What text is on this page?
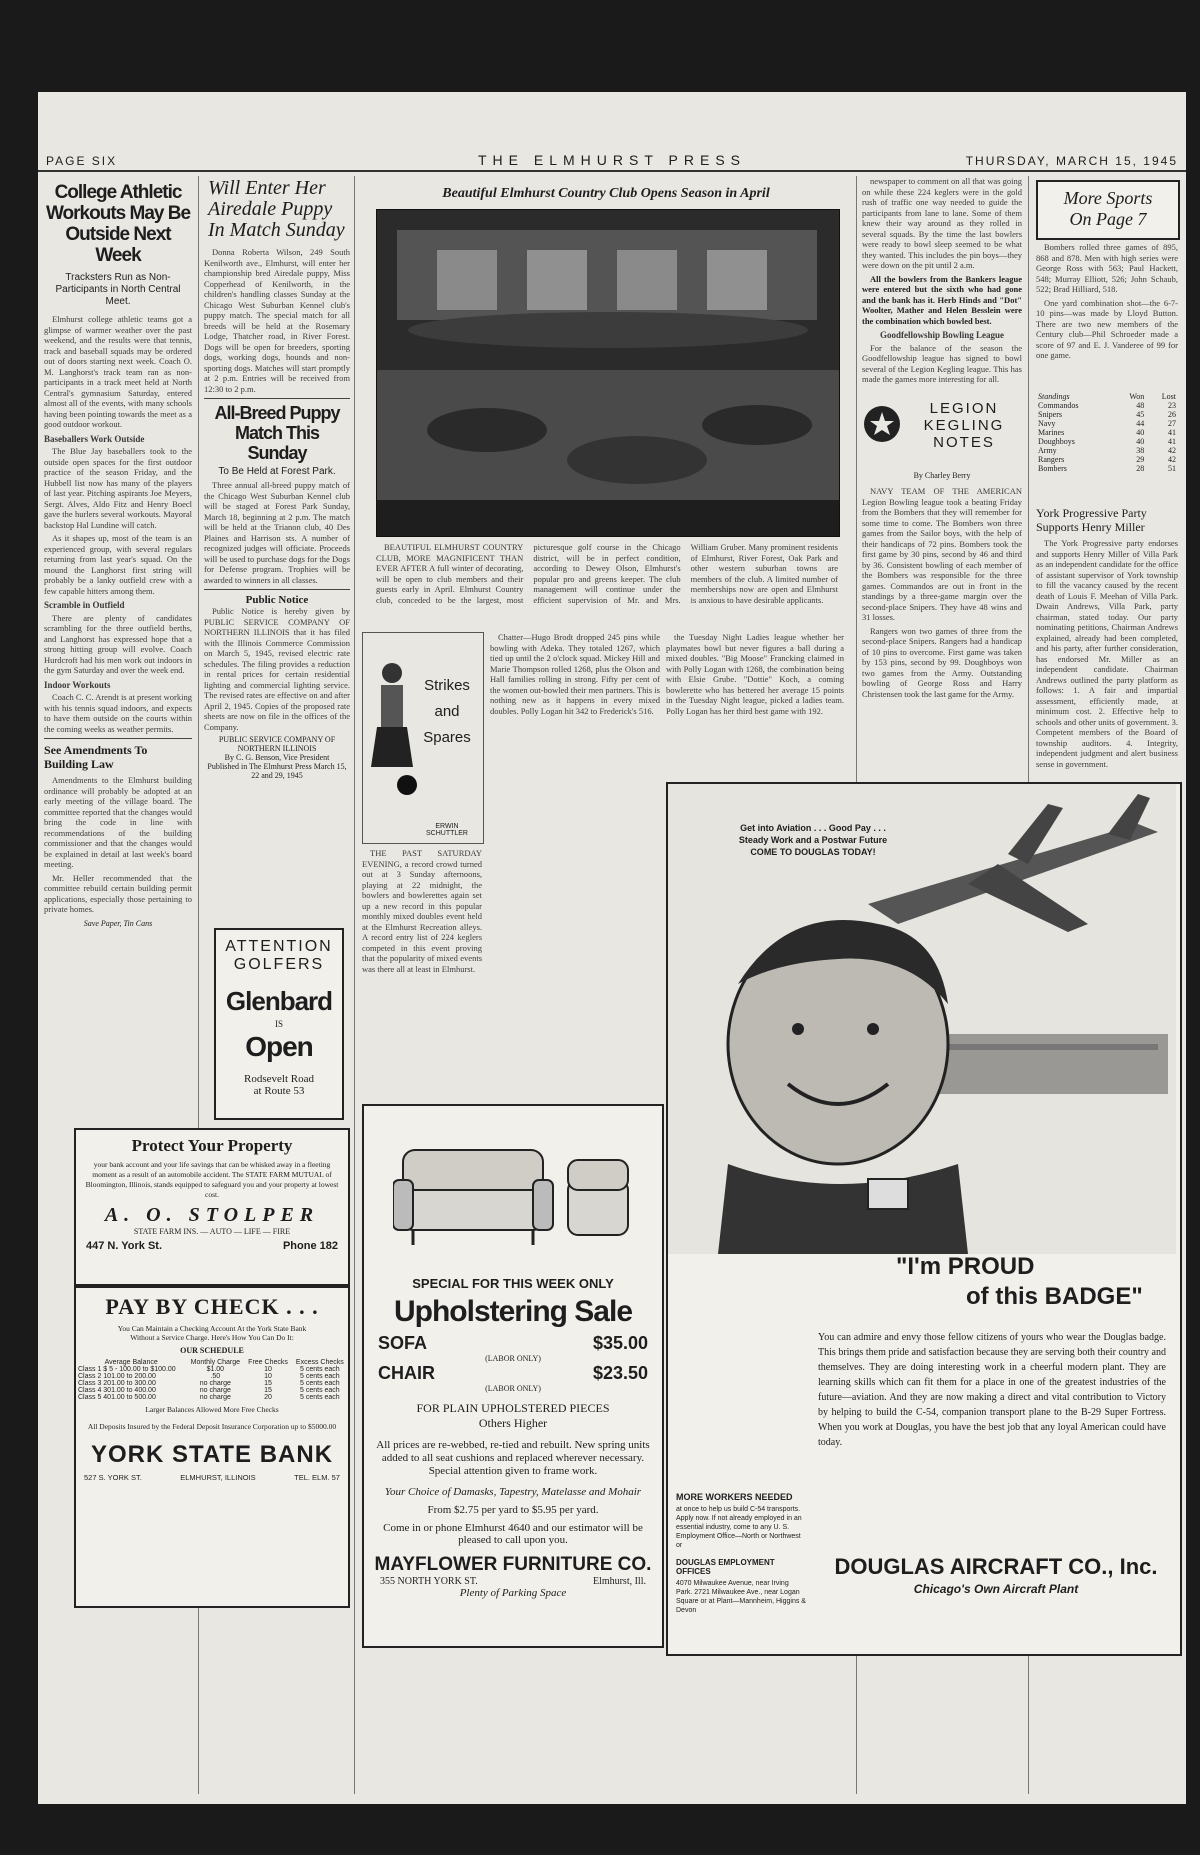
PAGE SIX	THE ELMHURST PRESS	THURSDAY, MARCH 15, 1945
College Athletic Workouts May Be Outside Next Week
Tracksters Run as Non-Participants in North Central Meet.

Elmhurst college athletic teams got a glimpse of warmer weather over the past weekend, and the results were that tennis, track and baseball squads may be ordered out of doors starting next week. Coach O. M. Langhorst's track team ran as non-participants in a track meet held at North Central's gymnasium Saturday, entered almost all of the events, with many schools having been pointing towards the meet as a good outdoor workout.

Baseballers Work Outside

The Blue Jay baseballers took to the outside open spaces for the first outdoor practice of the season Friday, and the Hubbell list now has many of the players of last year. Pitching aspirants Joe Meyers, Sergt. Alves, Aldo Fitz and Henry Boecl gave the hurlers several workouts. Mayoral backstop Hal Lundine will catch.

As it shapes up, most of the team is an experienced group, with several regulars returning from last year's squad. On the mound the Langhorst first string will probably be a lanky outfield crew with a few capable hitters among them.

Scramble in Outfield

There are plenty of candidates scrambling for the three outfield berths, and Langhorst has expressed hope that a strong hitting group will evolve. Coach Hurdcroft had his men work out indoors in the gym Saturday and over the week end.

Indoor Workouts

Coach C. C. Arendt is at present working with his tennis squad indoors, and expects to have them outside on the courts within the coming weeks as weather permits.

See Amendments To Building Law

Amendments to the Elmhurst building ordinance will probably be adopted at an early meeting of the village board. The committee reported that the changes would bring the code in line with recommendations of the building commissioner and that the changes would be explained in detail at last week's board meeting.

Mr. Heller recommended that the committee rebuild certain building permit applications, especially those pertaining to private homes.

Save Paper, Tin Cans
Will Enter Her Airedale Puppy In Match Sunday

Donna Roberta Wilson, 249 South Kenilworth ave., Elmhurst, will enter her championship bred Airedale puppy, Miss Copperhead of Kenilworth, in the children's handling classes Sunday at the Chicago West Suburban Kennel club's puppy match. The special match for all breeds will be held at the Rosemary Lodge, Thatcher road, in River Forest. Dogs will be open for breeders, sporting dogs, working dogs, hounds and non-sporting dogs. Matches will start promptly at 2 p.m. Entries will be received from 12:30 to 2 p.m.

All-Breed Puppy Match This Sunday
To Be Held at Forest Park.

Three annual all-breed puppy match of the Chicago West Suburban Kennel club will be staged at Forest Park Sunday, March 18, beginning at 2 p.m. The match will be held at the Trianon club, 40 Des Plaines and Harrison sts. A number of recognized judges will officiate. Proceeds will be used to purchase dogs for the Dogs for Defense program. Trophies will be awarded to winners in all classes.

Public Notice

Public Notice is hereby given by PUBLIC SERVICE COMPANY OF NORTHERN ILLINOIS that it has filed with the Illinois Commerce Commission on March 5, 1945, revised electric rate schedules. The filing provides a reduction in rental prices for certain residential lighting and commercial lighting service. The revised rates are effective on and after April 2, 1945. Copies of the proposed rate sheets are now on file in the offices of the Company.

PUBLIC SERVICE COMPANY OF NORTHERN ILLINOIS
By C. G. Benson, Vice President
Published in The Elmhurst Press March 15, 22 and 29, 1945
ATTENTION
GOLFERS
Glenbard
IS
Open
Rodsevelt Road
at Route 53
Beautiful Elmhurst Country Club Opens Season in April

BEAUTIFUL ELMHURST COUNTRY CLUB, MORE MAGNIFICENT THAN EVER AFTER A full winter of decorating, will be open to club members and their guests early in April. Elmhurst Country club, conceded to be the largest, most picturesque golf course in the Chicago district, will be in perfect condition, according to Dewey Olson, Elmhurst's popular pro and greens keeper. The club management will continue under the efficient supervision of Mr. and Mrs. William Gruber. Many prominent residents of Elmhurst, River Forest, Oak Park and other western suburban towns are members of the club. A limited number of memberships now are open and Elmhurst is anxious to have desirable applicants.

Strikes
and
Spares
ERWIN SCHUTTLER

THE PAST SATURDAY EVENING, a record crowd turned out at 3 Sunday afternoons, playing at 22 midnight, the bowlers and bowlerettes again set up a new record in this popular monthly mixed doubles event held at the Elmhurst Recreation alleys. A record entry list of 224 keglers competed in this event proving that the popularity of mixed events was there all at least in Elmhurst.

Chatter—Hugo Brodt dropped 245 pins while bowling with Adeka. They totaled 1267, which tied up until the 2 o'clock squad. Mickey Hill and Marie Thompson rolled 1268, plus the Olson and Hall families rolling in strong. Fifty per cent of the women out-bowled their men partners. This is nothing new as it happens in every mixed doubles. Polly Logan hit 342 to Frederick's 516.

the Tuesday Night Ladies league whether her playmates bowl but never figures a ball during a mixed doubles. "Big Moose" Francking claimed in with Polly Logan with 1268, the combination being with Elsie Grube. "Dottie" Koch, a coming bowlerette who has bettered her average 15 points in the Tuesday Night league, picked a ladies team. Polly Logan has her third best game with 192.

SPECIAL FOR THIS WEEK ONLY
Upholstering Sale
SOFA	$35.00
(LABOR ONLY)
CHAIR	$23.50
(LABOR ONLY)
FOR PLAIN UPHOLSTERED PIECES
Others Higher
All prices are re-webbed, re-tied and rebuilt. New spring units added to all seat cushions and replaced wherever necessary. Special attention given to frame work.
Your Choice of Damasks, Tapestry, Matelasse and Mohair
From $2.75 per yard to $5.95 per yard.
Come in or phone Elmhurst 4640 and our estimator will be pleased to call upon you.
MAYFLOWER FURNITURE CO.
355 NORTH YORK ST.	Elmhurst, Ill.
Plenty of Parking Space

newspaper to comment on all that was going on while these 224 keglers were in the gold rush of traffic one way needed to guide the participants from lane to lane. Some of them knew their way around as they rolled in several squads. By the time the last bowlers were ready to bowl sleep seemed to be what they wanted. This includes the pin boys—they were down on the pit until 2 a.m.

All the bowlers from the Bankers league were entered but the sixth who had gone and the bank has it. Herb Hinds and "Dot" Woolter, Mather and Helen Besslein were the combination which bowled best.

Goodfellowship Bowling League

For the balance of the season the Goodfellowship league has signed to bowl several of the Legion Kegling league. This has made the games more interesting for all.

LEGION
KEGLING
NOTES
By Charley Berry

NAVY TEAM OF THE AMERICAN Legion Bowling league took a beating Friday from the Bombers that they will remember for some time to come. The Bombers won three games from the Sailor boys, with the help of their handicaps of 72 pins. Bombers took the first game by 30 pins, second by 46 and third by 36. Consistent bowling of each member of the Bombers was responsible for the three games. Commandos are out in front in the standings by a three-game margin over the second-place Snipers. They have 48 wins and 31 losses.

Rangers won two games of three from the second-place Snipers. Rangers had a handicap of 10 pins to overcome. First game was taken by 153 pins, second by 99. Doughboys won two games from the Army. Outstanding bowling of George Ross and Harry Christensen took the last game for the Army.

More Sports
On Page 7

Bombers rolled three games of 895, 868 and 878. Men with high series were George Ross with 563; Paul Hackett, 548; Murray Elliott, 526; John Schaub, 522; Brad Hilliard, 518.

One yard combination shot—the 6-7-10 pins—was made by Lloyd Button. There are two new members of the Century club—Phil Schroeder made a score of 97 and E. J. Vanderee of 99 for one game.

Standings	Won	Lost
Commandos	48	23
Snipers	45	26
Navy	44	27
Marines	40	41
Doughboys	40	41
Army	38	42
Rangers	29	42
Bombers	28	51
York Progressive Party Supports Henry Miller

The York Progressive party endorses and supports Henry Miller of Villa Park as an independent candidate for the office of assistant supervisor of York township to fill the vacancy caused by the recent death of Louis F. Meehan of Villa Park. Dwain Andrews, Villa Park, party chairman, stated today. Our party nominating petitions, Chairman Andrews explained, already had been completed, and his party, after further consideration, has endorsed Mr. Miller as an independent candidate. Chairman Andrews outlined the party platform as follows: 1. A fair and impartial assessment, efficiently made, at minimum cost. 2. Effective help to schools and other units of government. 3. Competent members of the Board of township auditors. 4. Integrity, independent judgment and alert business sense in government.

Protect Your Property
your bank account and your life savings that can be whisked away in a fleeting moment as a result of an automobile accident. The STATE FARM MUTUAL of Bloomington, Illinois, stands equipped to safeguard you and your property at lowest cost.
A. O. STOLPER
STATE FARM INS. — AUTO — LIFE — FIRE
447 N. York St.	Phone 182
PAY BY CHECK . . .
You Can Maintain a Checking Account At the York State Bank
Without a Service Charge. Here's How You Can Do It:
OUR SCHEDULE
Average Balance	Monthly Charge	Free Checks	Excess Checks
Class 1 $ 5 - 100.00 to $100.00	$1.00	10	5 cents each
Class 2 101.00 to 200.00	.50	10	5 cents each
Class 3 201.00 to 300.00	no charge	15	5 cents each
Class 4 301.00 to 400.00	no charge	15	5 cents each
Class 5 401.00 to 500.00	no charge	20	5 cents each
Larger Balances Allowed More Free Checks
All Deposits Insured by the Federal Deposit Insurance Corporation up to $5000.00
YORK STATE BANK
527 S. YORK ST.	ELMHURST, ILLINOIS	TEL. ELM. 57
Get into Aviation . . . Good Pay . . .
Steady Work and a Postwar Future
COME TO DOUGLAS TODAY!
"I'm PROUD
of this BADGE"
You can admire and envy those fellow citizens of yours who wear the Douglas badge. This brings them pride and satisfaction because they are serving both their country and themselves. They are doing interesting work in a cheerful modern plant. They are learning skills which can fit them for a place in one of the greatest industries of the future—aviation. And they are now making a direct and vital contribution to Victory by helping to build the C-54, companion transport plane to the B-29 Super Fortress. When you work at Douglas, you have the best job that any loyal American could have today.
MORE WORKERS NEEDED
at once to help us build C-54 transports. Apply now. If not already employed in an essential industry, come to any U. S. Employment Office—North or Northwest or
DOUGLAS EMPLOYMENT OFFICES
4070 Milwaukee Avenue, near Irving Park. 2721 Milwaukee Ave., near Logan Square or at Plant—Mannheim, Higgins & Devon
DOUGLAS AIRCRAFT CO., Inc.
Chicago's Own Aircraft Plant
